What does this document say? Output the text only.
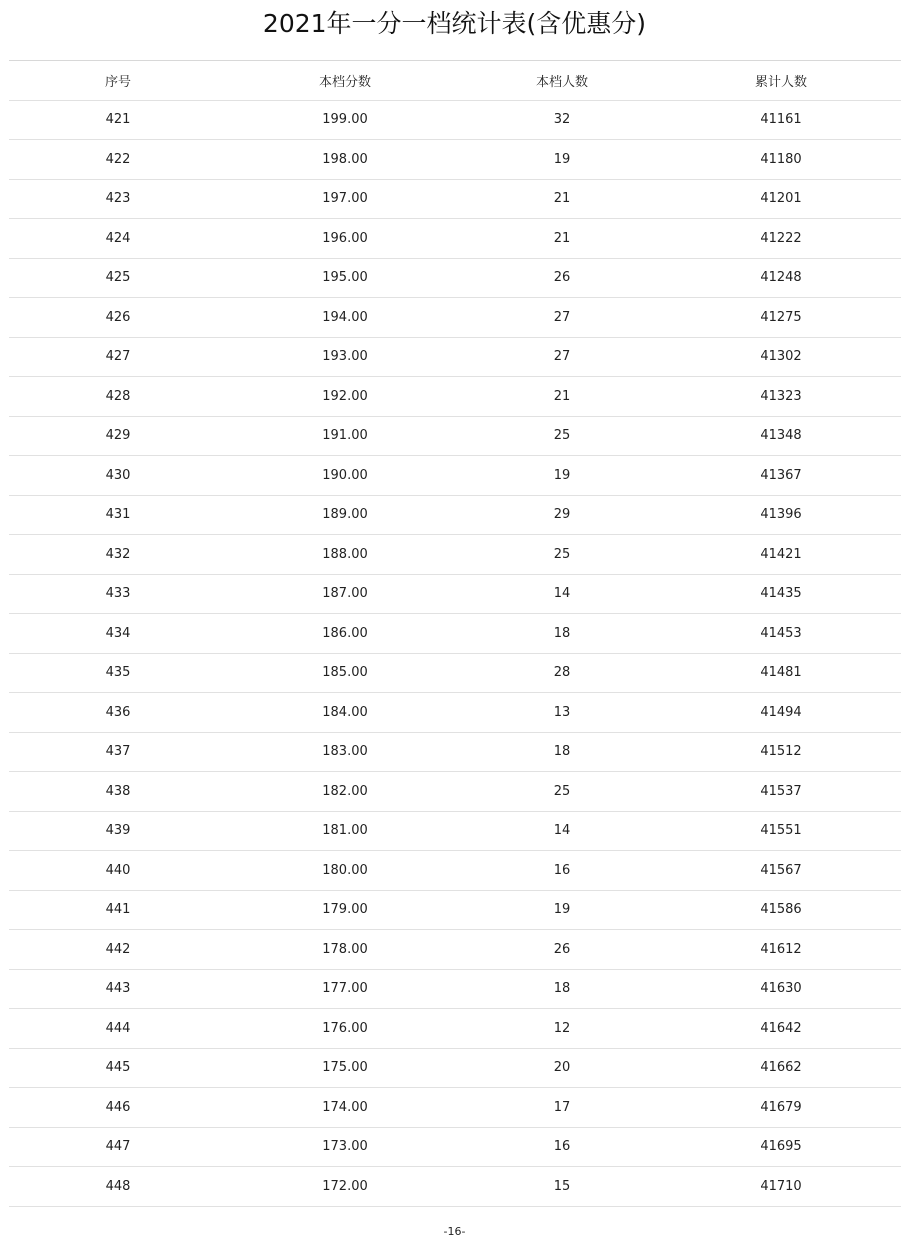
2021年一分一档统计表(含优惠分)
序号	本档分数	本档人数	累计人数
421	199.00	32	41161
422	198.00	19	41180
423	197.00	21	41201
424	196.00	21	41222
425	195.00	26	41248
426	194.00	27	41275
427	193.00	27	41302
428	192.00	21	41323
429	191.00	25	41348
430	190.00	19	41367
431	189.00	29	41396
432	188.00	25	41421
433	187.00	14	41435
434	186.00	18	41453
435	185.00	28	41481
436	184.00	13	41494
437	183.00	18	41512
438	182.00	25	41537
439	181.00	14	41551
440	180.00	16	41567
441	179.00	19	41586
442	178.00	26	41612
443	177.00	18	41630
444	176.00	12	41642
445	175.00	20	41662
446	174.00	17	41679
447	173.00	16	41695
448	172.00	15	41710
-16-
